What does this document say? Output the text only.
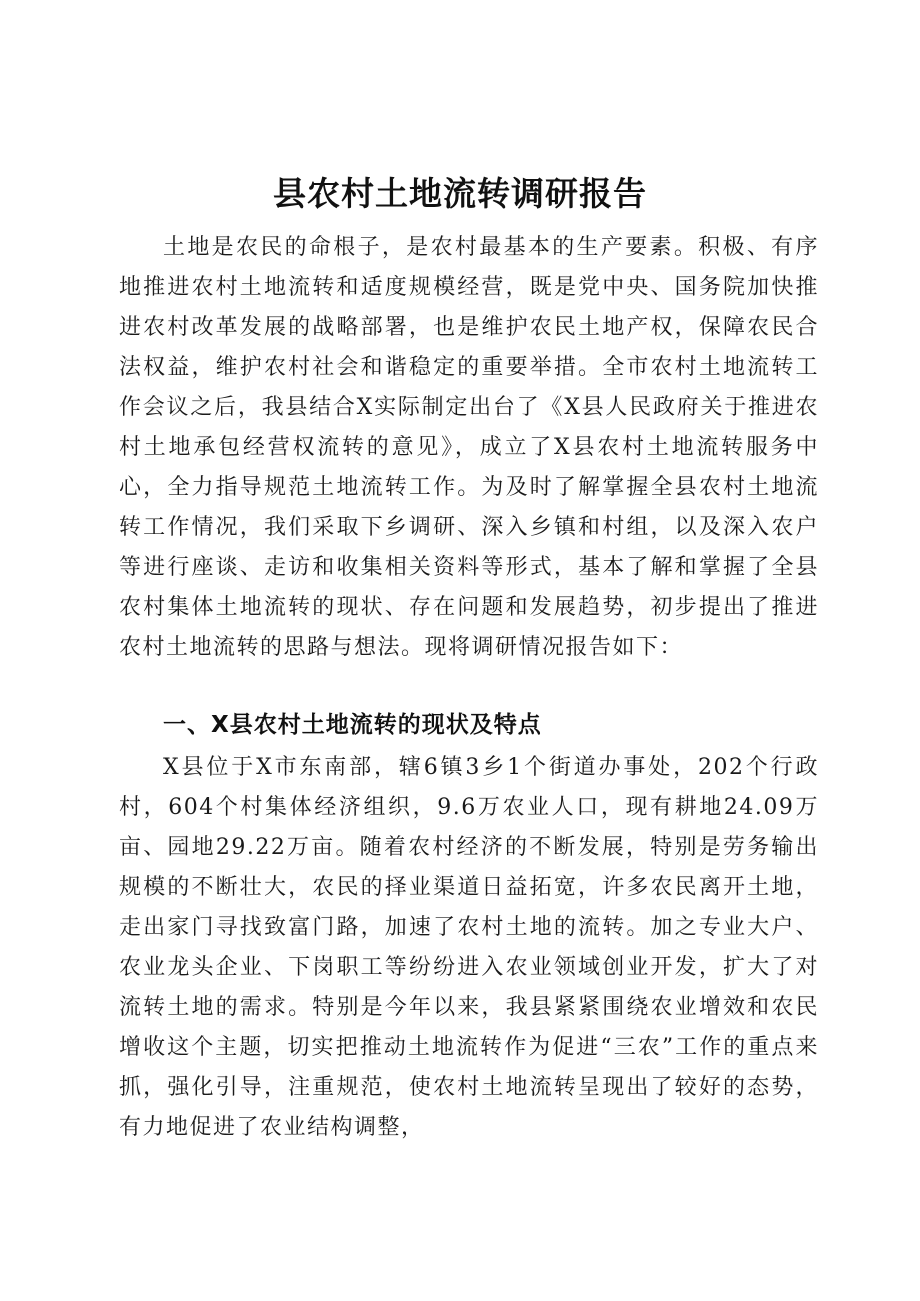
县农村土地流转调研报告

土地是农民的命根子，是农村最基本的生产要素。积极、有序地推进农村土地流转和适度规模经营，既是党中央、国务院加快推进农村改革发展的战略部署，也是维护农民土地产权，保障农民合法权益，维护农村社会和谐稳定的重要举措。全市农村土地流转工作会议之后，我县结合X实际制定出台了《X县人民政府关于推进农村土地承包经营权流转的意见》，成立了X县农村土地流转服务中心，全力指导规范土地流转工作。为及时了解掌握全县农村土地流转工作情况，我们采取下乡调研、深入乡镇和村组，以及深入农户等进行座谈、走访和收集相关资料等形式，基本了解和掌握了全县农村集体土地流转的现状、存在问题和发展趋势，初步提出了推进农村土地流转的思路与想法。现将调研情况报告如下：

一、X县农村土地流转的现状及特点

X县位于X市东南部，辖6镇3乡1个街道办事处，202个行政村，604个村集体经济组织，9.6万农业人口，现有耕地24.09万亩、园地29.22万亩。随着农村经济的不断发展，特别是劳务输出规模的不断壮大，农民的择业渠道日益拓宽，许多农民离开土地，走出家门寻找致富门路，加速了农村土地的流转。加之专业大户、农业龙头企业、下岗职工等纷纷进入农业领域创业开发，扩大了对流转土地的需求。特别是今年以来，我县紧紧围绕农业增效和农民增收这个主题，切实把推动土地流转作为促进“三农”工作的重点来抓，强化引导，注重规范，使农村土地流转呈现出了较好的态势，有力地促进了农业结构调整，
